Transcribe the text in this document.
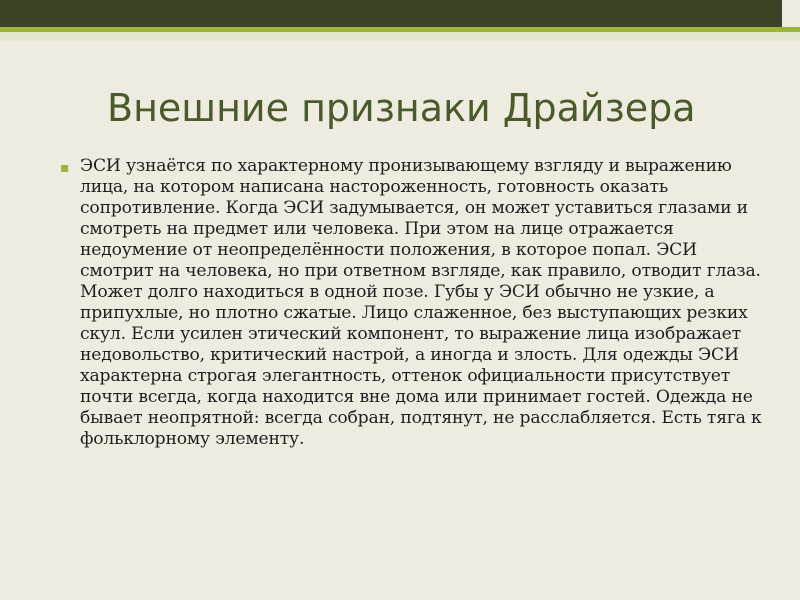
Внешние признаки Драйзера
▪ ЭСИ узнаётся по характерному пронизывающему взгляду и выражению лица, на котором написана настороженность, готовность оказать сопротивление. Когда ЭСИ задумывается, он может уставиться глазами и смотреть на предмет или человека. При этом на лице отражается недоумение от неопределённости положения, в которое попал. ЭСИ смотрит на человека, но при ответном взгляде, как правило, отводит глаза. Может долго находиться в одной позе. Губы у ЭСИ обычно не узкие, а припухлые, но плотно сжатые. Лицо слаженное, без выступающих резких скул. Если усилен этический компонент, то выражение лица изображает недовольство, критический настрой, а иногда и злость. Для одежды ЭСИ характерна строгая элегантность, оттенок официальности присутствует почти всегда, когда находится вне дома или принимает гостей. Одежда не бывает неопрятной: всегда собран, подтянут, не расслабляется. Есть тяга к фольклорному элементу.
